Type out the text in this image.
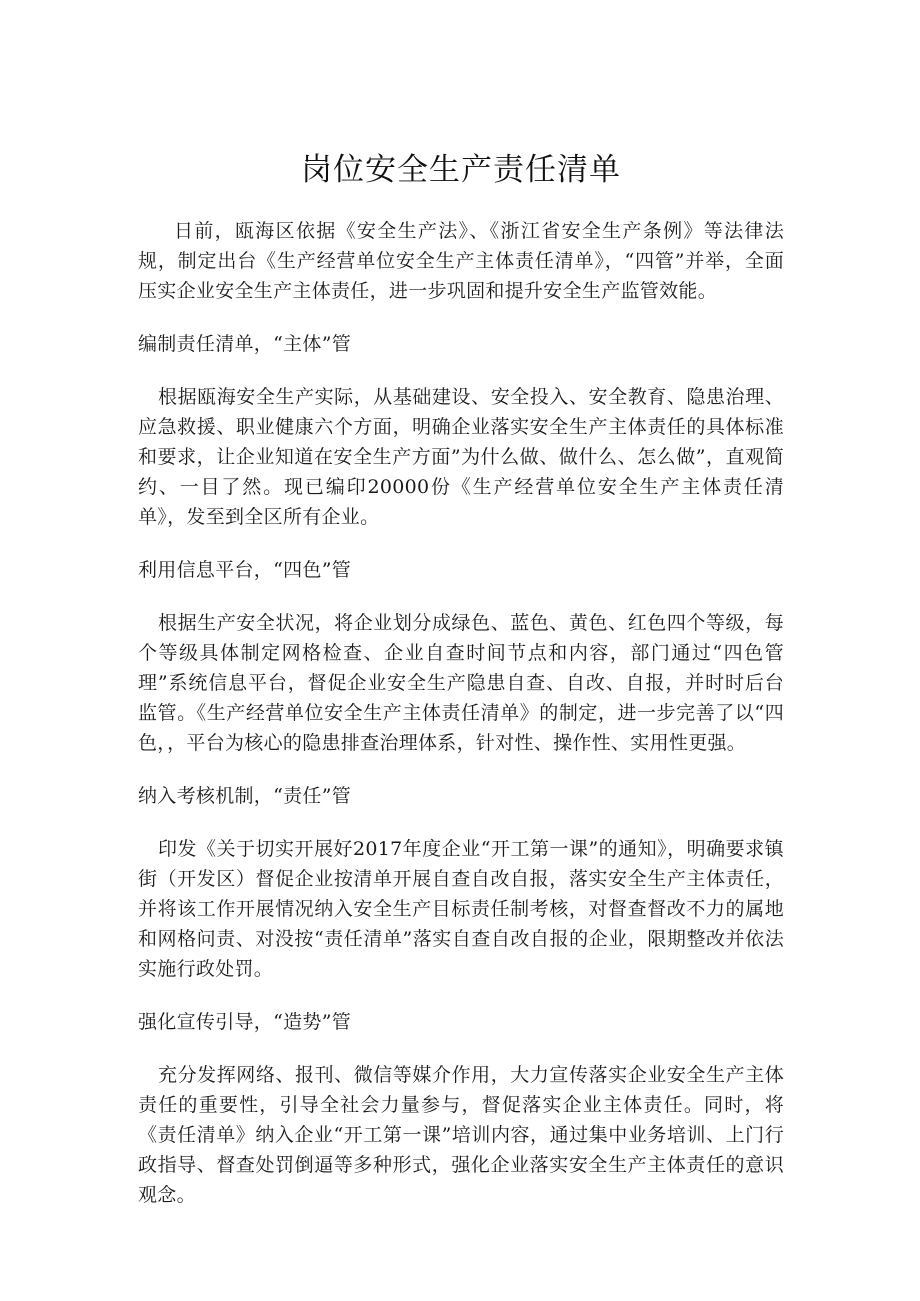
岗位安全生产责任清单

日前，瓯海区依据《安全生产法》、《浙江省安全生产条例》等法律法规，制定出台《生产经营单位安全生产主体责任清单》，“四管”并举，全面压实企业安全生产主体责任，进一步巩固和提升安全生产监管效能。

编制责任清单，“主体”管

根据瓯海安全生产实际，从基础建设、安全投入、安全教育、隐患治理、应急救援、职业健康六个方面，明确企业落实安全生产主体责任的具体标准和要求，让企业知道在安全生产方面”为什么做、做什么、怎么做”，直观简约、一目了然。现已编印20000份《生产经营单位安全生产主体责任清单》，发至到全区所有企业。

利用信息平台，“四色”管

根据生产安全状况，将企业划分成绿色、蓝色、黄色、红色四个等级，每个等级具体制定网格检查、企业自查时间节点和内容，部门通过“四色管理”系统信息平台，督促企业安全生产隐患自查、自改、自报，并时时后台监管。《生产经营单位安全生产主体责任清单》的制定，进一步完善了以“四色，，平台为核心的隐患排查治理体系，针对性、操作性、实用性更强。

纳入考核机制，“责任”管

印发《关于切实开展好2017年度企业“开工第一课”的通知》，明确要求镇街（开发区）督促企业按清单开展自查自改自报，落实安全生产主体责任，并将该工作开展情况纳入安全生产目标责任制考核，对督查督改不力的属地和网格问责、对没按“责任清单”落实自查自改自报的企业，限期整改并依法实施行政处罚。

强化宣传引导，“造势”管

充分发挥网络、报刊、微信等媒介作用，大力宣传落实企业安全生产主体责任的重要性，引导全社会力量参与，督促落实企业主体责任。同时，将《责任清单》纳入企业“开工第一课”培训内容，通过集中业务培训、上门行政指导、督查处罚倒逼等多种形式，强化企业落实安全生产主体责任的意识观念。
